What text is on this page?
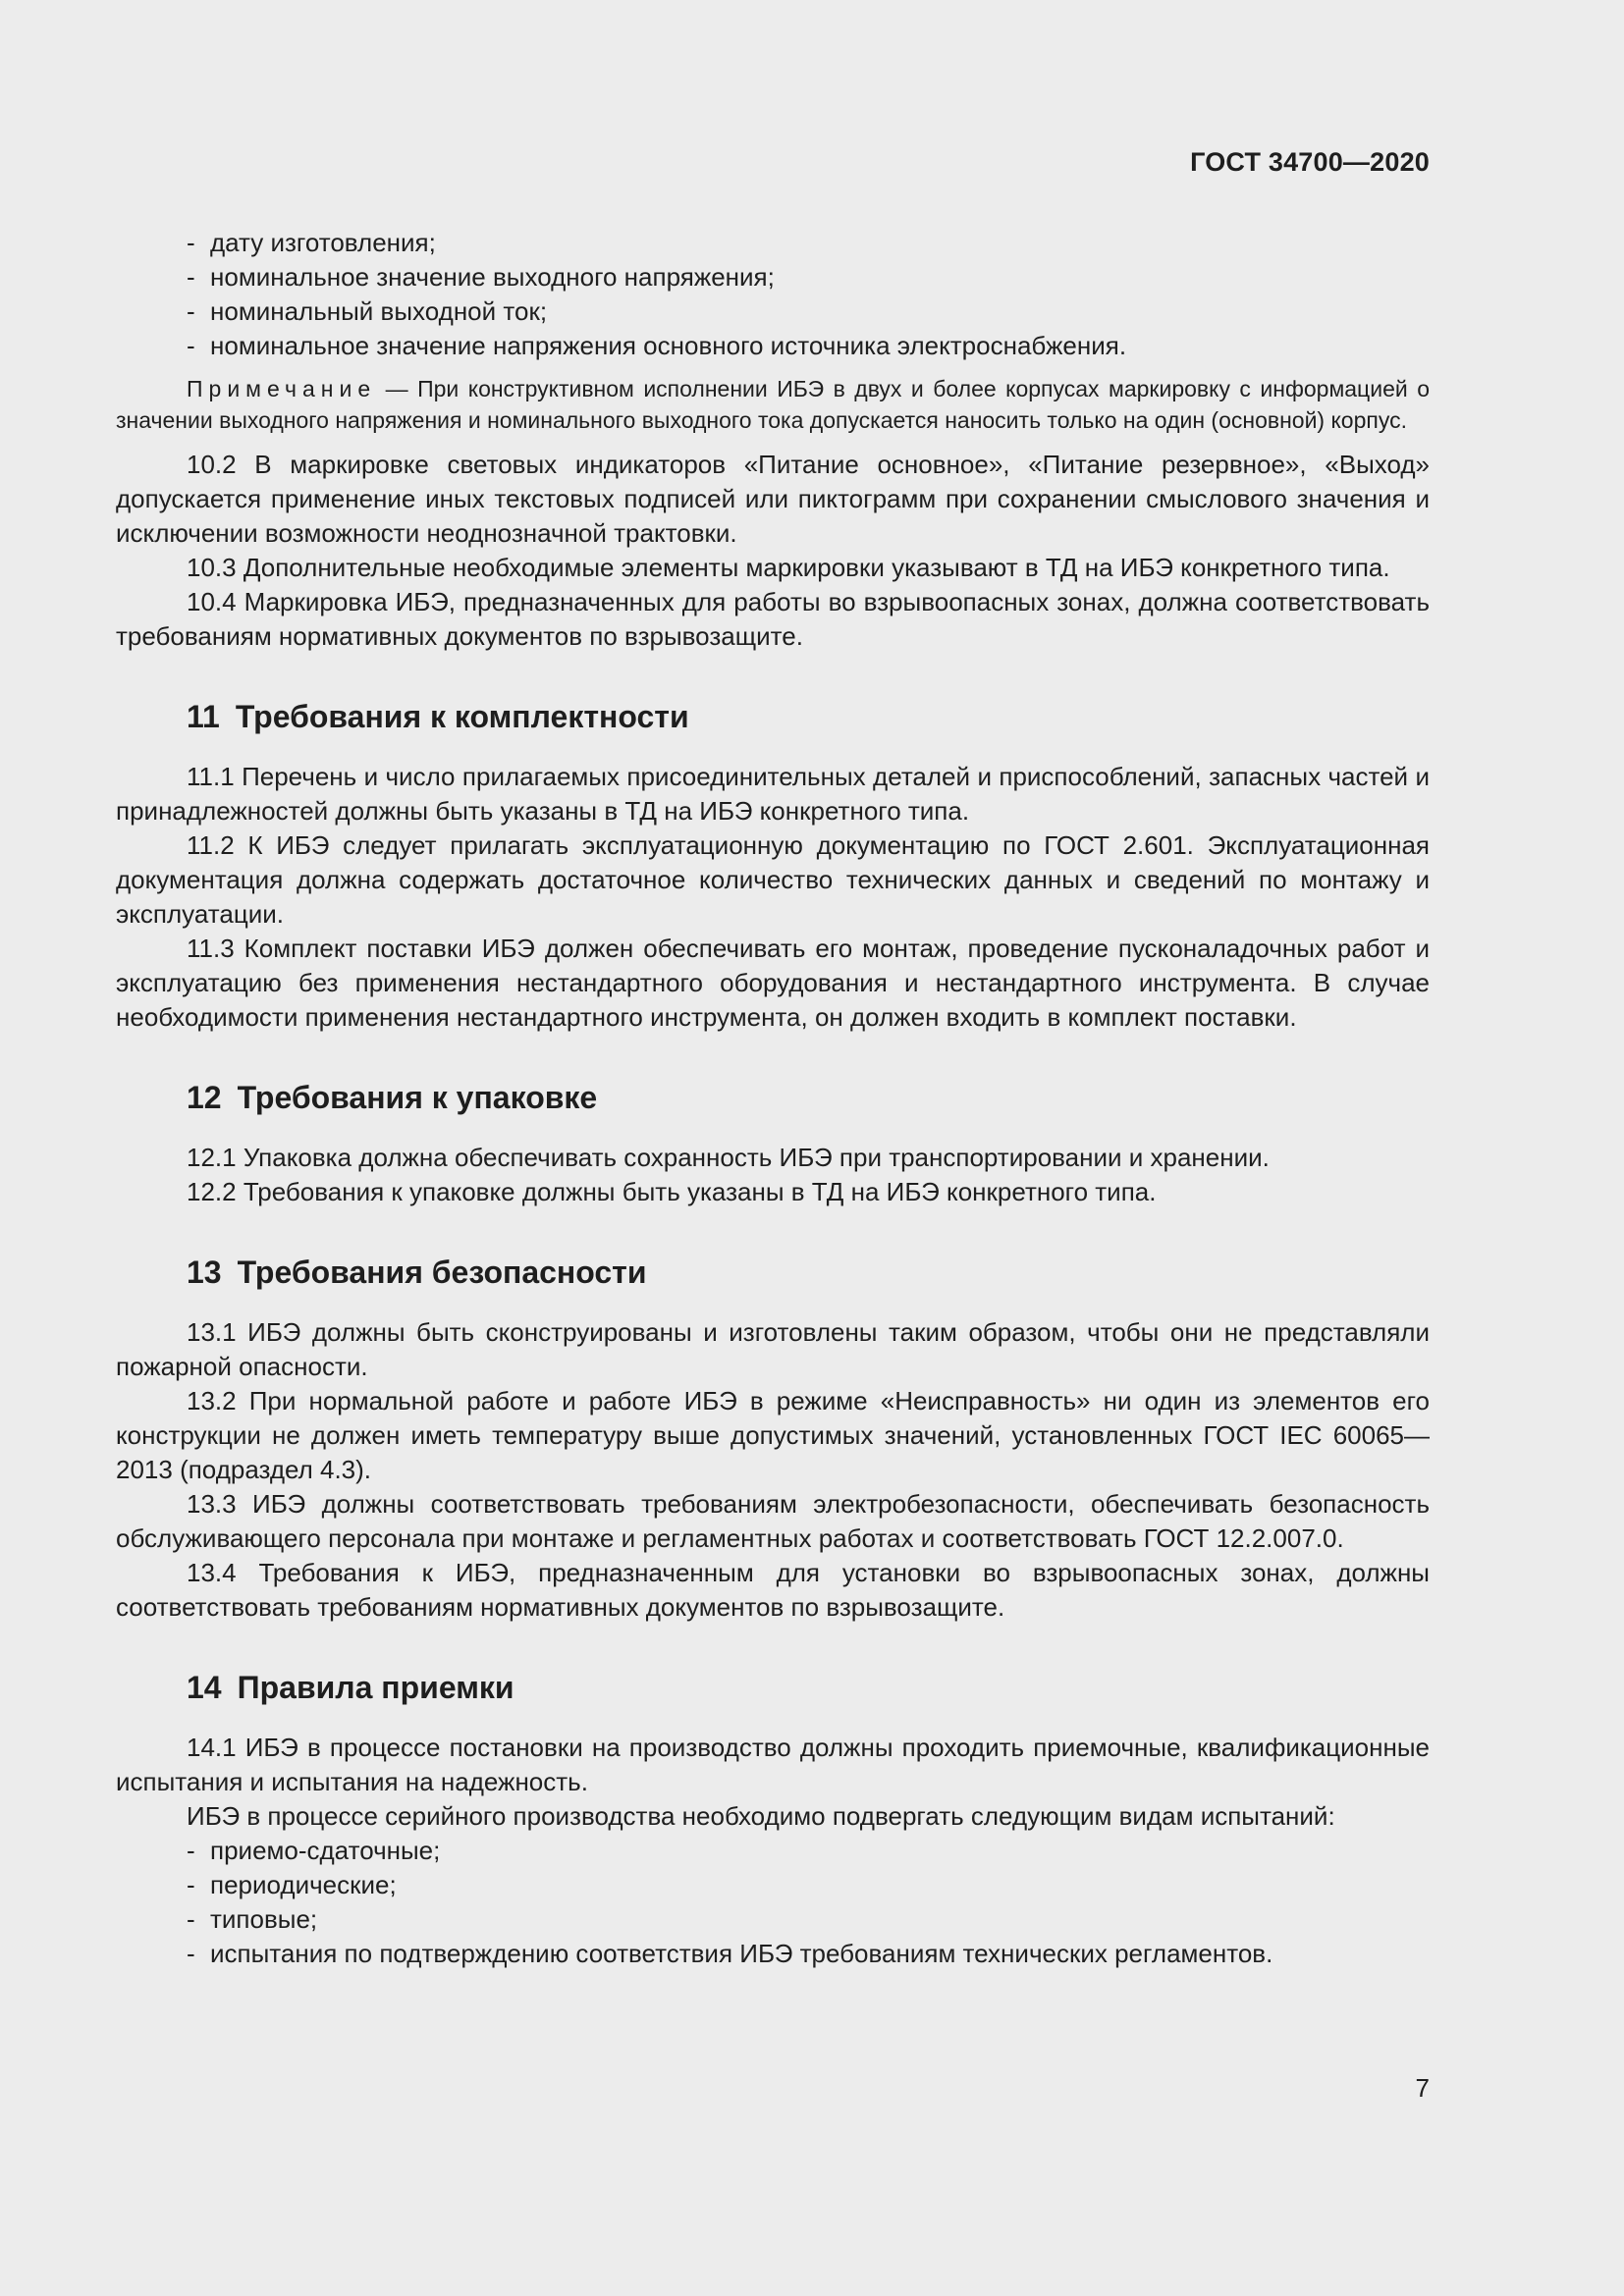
ГОСТ 34700—2020

- дату изготовления;

- номинальное значение выходного напряжения;

- номинальный выходной ток;

- номинальное значение напряжения основного источника электроснабжения.

Примечание — При конструктивном исполнении ИБЭ в двух и более корпусах маркировку с информацией о значении выходного напряжения и номинального выходного тока допускается наносить только на один (основной) корпус.

10.2 В маркировке световых индикаторов «Питание основное», «Питание резервное», «Выход» допускается применение иных текстовых подписей или пиктограмм при сохранении смыслового значения и исключении возможности неоднозначной трактовки.

10.3 Дополнительные необходимые элементы маркировки указывают в ТД на ИБЭ конкретного типа.

10.4 Маркировка ИБЭ, предназначенных для работы во взрывоопасных зонах, должна соответствовать требованиям нормативных документов по взрывозащите.

11 Требования к комплектности

11.1 Перечень и число прилагаемых присоединительных деталей и приспособлений, запасных частей и принадлежностей должны быть указаны в ТД на ИБЭ конкретного типа.

11.2 К ИБЭ следует прилагать эксплуатационную документацию по ГОСТ 2.601. Эксплуатационная документация должна содержать достаточное количество технических данных и сведений по монтажу и эксплуатации.

11.3 Комплект поставки ИБЭ должен обеспечивать его монтаж, проведение пусконаладочных работ и эксплуатацию без применения нестандартного оборудования и нестандартного инструмента. В случае необходимости применения нестандартного инструмента, он должен входить в комплект поставки.

12 Требования к упаковке

12.1 Упаковка должна обеспечивать сохранность ИБЭ при транспортировании и хранении.

12.2 Требования к упаковке должны быть указаны в ТД на ИБЭ конкретного типа.

13 Требования безопасности

13.1 ИБЭ должны быть сконструированы и изготовлены таким образом, чтобы они не представляли пожарной опасности.

13.2 При нормальной работе и работе ИБЭ в режиме «Неисправность» ни один из элементов его конструкции не должен иметь температуру выше допустимых значений, установленных ГОСТ IEC 60065—2013 (подраздел 4.3).

13.3 ИБЭ должны соответствовать требованиям электробезопасности, обеспечивать безопасность обслуживающего персонала при монтаже и регламентных работах и соответствовать ГОСТ 12.2.007.0.

13.4 Требования к ИБЭ, предназначенным для установки во взрывоопасных зонах, должны соответствовать требованиям нормативных документов по взрывозащите.

14 Правила приемки

14.1 ИБЭ в процессе постановки на производство должны проходить приемочные, квалификационные испытания и испытания на надежность.

ИБЭ в процессе серийного производства необходимо подвергать следующим видам испытаний:

- приемо-сдаточные;

- периодические;

- типовые;

- испытания по подтверждению соответствия ИБЭ требованиям технических регламентов.

7
